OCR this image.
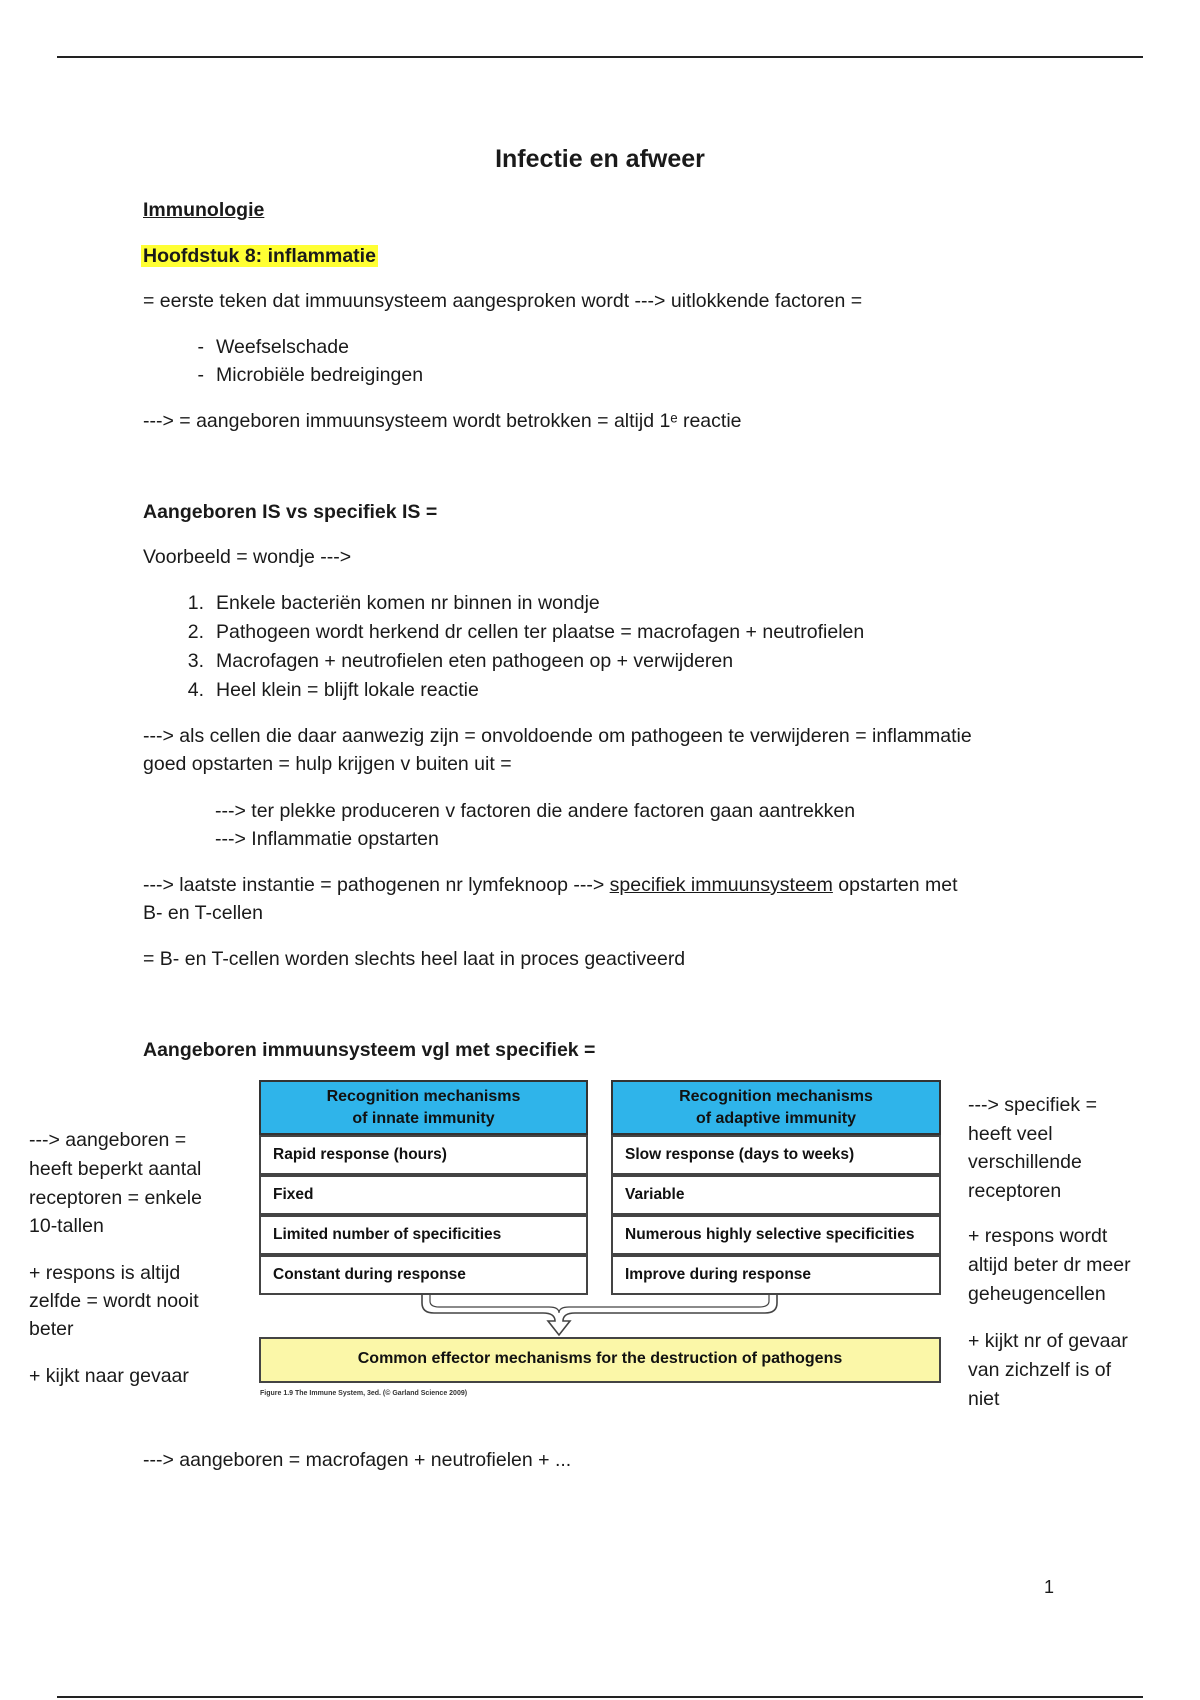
Infectie en afweer
Immunologie
Hoofdstuk 8: inflammatie
= eerste teken dat immuunsysteem aangesproken wordt ---> uitlokkende factoren =
- Weefselschade
- Microbiële bedreigingen
---> = aangeboren immuunsysteem wordt betrokken = altijd 1ᵉ reactie
Aangeboren IS vs specifiek IS =
Voorbeeld = wondje --->
1. Enkele bacteriën komen nr binnen in wondje
2. Pathogeen wordt herkend dr cellen ter plaatse = macrofagen + neutrofielen
3. Macrofagen + neutrofielen eten pathogeen op + verwijderen
4. Heel klein = blijft lokale reactie
---> als cellen die daar aanwezig zijn = onvoldoende om pathogeen te verwijderen = inflammatie
goed opstarten = hulp krijgen v buiten uit =
---> ter plekke produceren v factoren die andere factoren gaan aantrekken
---> Inflammatie opstarten
---> laatste instantie = pathogenen nr lymfeknoop ---> specifiek immuunsysteem opstarten met
B- en T-cellen
= B- en T-cellen worden slechts heel laat in proces geactiveerd
Aangeboren immuunsysteem vgl met specifiek =
---> aangeboren =
heeft beperkt aantal
receptoren = enkele
10-tallen
+ respons is altijd
zelfde = wordt nooit
beter
+ kijkt naar gevaar
---> specifiek =
heeft veel
verschillende
receptoren
+ respons wordt
altijd beter dr meer
geheugencellen
+ kijkt nr of gevaar
van zichzelf is of
niet
Recognition mechanisms
of innate immunity
Recognition mechanisms
of adaptive immunity
Rapid response (hours)
Fixed
Limited number of specificities
Constant during response
Slow response (days to weeks)
Variable
Numerous highly selective specificities
Improve during response
Common effector mechanisms for the destruction of pathogens
Figure 1.9 The Immune System, 3ed. (© Garland Science 2009)
---> aangeboren = macrofagen + neutrofielen + ...
1
